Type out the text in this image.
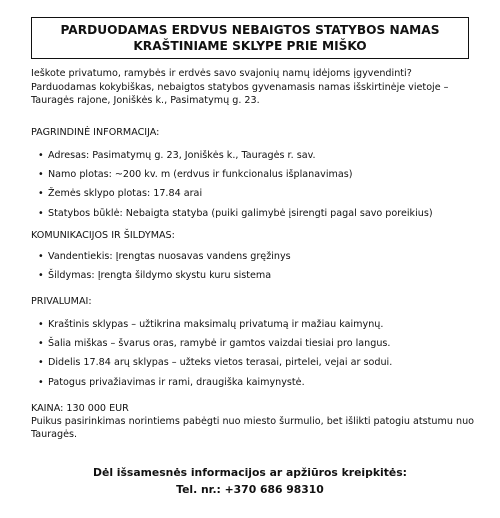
PARDUODAMAS ERDVUS NEBAIGTOS STATYBOS NAMAS
KRAŠTINIAME SKLYPE PRIE MIŠKO
Ieškote privatumo, ramybės ir erdvės savo svajonių namų idėjoms įgyvendinti? Parduodamas kokybiškas, nebaigtos statybos gyvenamasis namas išskirtinėje vietoje – Tauragės rajone, Joniškės k., Pasimatymų g. 23.
PAGRINDINĖ INFORMACIJA:
• Adresas: Pasimatymų g. 23, Joniškės k., Tauragės r. sav.
• Namo plotas: ~200 kv. m (erdvus ir funkcionalus išplanavimas)
• Žemės sklypo plotas: 17.84 arai
• Statybos būklė: Nebaigta statyba (puiki galimybė įsirengti pagal savo poreikius)
KOMUNIKACIJOS IR ŠILDYMAS:
• Vandentiekis: Įrengtas nuosavas vandens gręžinys
• Šildymas: Įrengta šildymo skystu kuru sistema
PRIVALUMAI:
• Kraštinis sklypas – užtikrina maksimalų privatumą ir mažiau kaimynų.
• Šalia miškas – švarus oras, ramybė ir gamtos vaizdai tiesiai pro langus.
• Didelis 17.84 arų sklypas – užteks vietos terasai, pirtelei, vejai ar sodui.
• Patogus privažiavimas ir rami, draugiška kaimynystė.
KAINA: 130 000 EUR
Puikus pasirinkimas norintiems pabėgti nuo miesto šurmulio, bet išlikti patogiu atstumu nuo Tauragės.
Dėl išsamesnės informacijos ar apžiūros kreipkitės:
Tel. nr.: +370 686 98310
